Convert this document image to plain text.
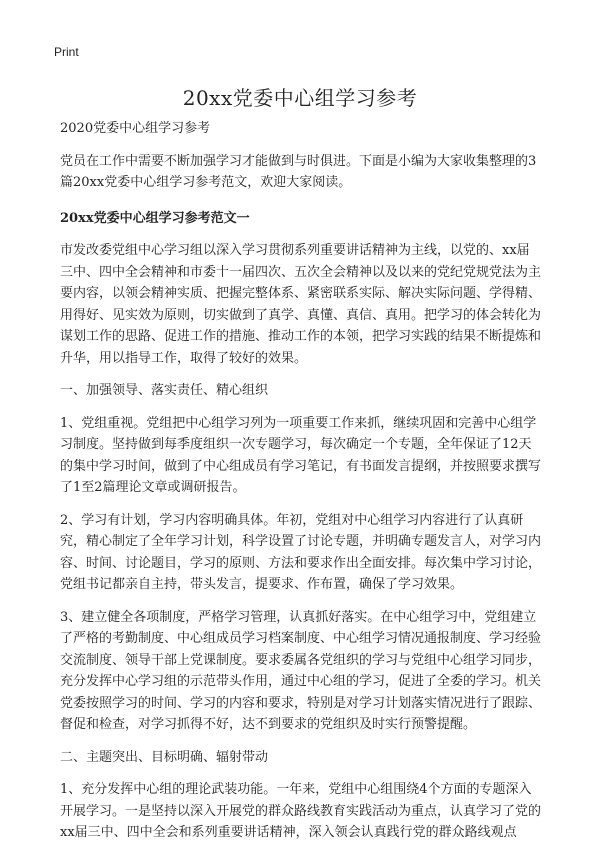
Print
20xx党委中心组学习参考

2020党委中心组学习参考

党员在工作中需要不断加强学习才能做到与时俱进。下面是小编为大家收集整理的3篇20xx党委中心组学习参考范文，欢迎大家阅读。

20xx党委中心组学习参考范文一

市发改委党组中心学习组以深入学习贯彻系列重要讲话精神为主线，以党的、xx届三中、四中全会精神和市委十一届四次、五次全会精神以及以来的党纪党规党法为主要内容，以领会精神实质、把握完整体系、紧密联系实际、解决实际问题、学得精、用得好、见实效为原则，切实做到了真学、真懂、真信、真用。把学习的体会转化为谋划工作的思路、促进工作的措施、推动工作的本领，把学习实践的结果不断提炼和升华，用以指导工作，取得了较好的效果。

一、加强领导、落实责任、精心组织

1、党组重视。党组把中心组学习列为一项重要工作来抓，继续巩固和完善中心组学习制度。坚持做到每季度组织一次专题学习，每次确定一个专题，全年保证了12天的集中学习时间，做到了中心组成员有学习笔记，有书面发言提纲，并按照要求撰写了1至2篇理论文章或调研报告。

2、学习有计划，学习内容明确具体。年初，党组对中心组学习内容进行了认真研究，精心制定了全年学习计划，科学设置了讨论专题，并明确专题发言人，对学习内容、时间、讨论题目，学习的原则、方法和要求作出全面安排。每次集中学习讨论，党组书记都亲自主持，带头发言，提要求、作布置，确保了学习效果。

3、建立健全各项制度，严格学习管理，认真抓好落实。在中心组学习中，党组建立了严格的考勤制度、中心组成员学习档案制度、中心组学习情况通报制度、学习经验交流制度、领导干部上党课制度。要求委属各党组织的学习与党组中心组学习同步，充分发挥中心学习组的示范带头作用，通过中心组的学习，促进了全委的学习。机关党委按照学习的时间、学习的内容和要求，特别是对学习计划落实情况进行了跟踪、督促和检查，对学习抓得不好，达不到要求的党组织及时实行预警提醒。

二、主题突出、目标明确、辐射带动

1、充分发挥中心组的理论武装功能。一年来，党组中心组围绕4个方面的专题深入开展学习。一是坚持以深入开展党的群众路线教育实践活动为重点，认真学习了党的xx届三中、四中全会和系列重要讲话精神，深入领会认真践行党的群众路线观点
